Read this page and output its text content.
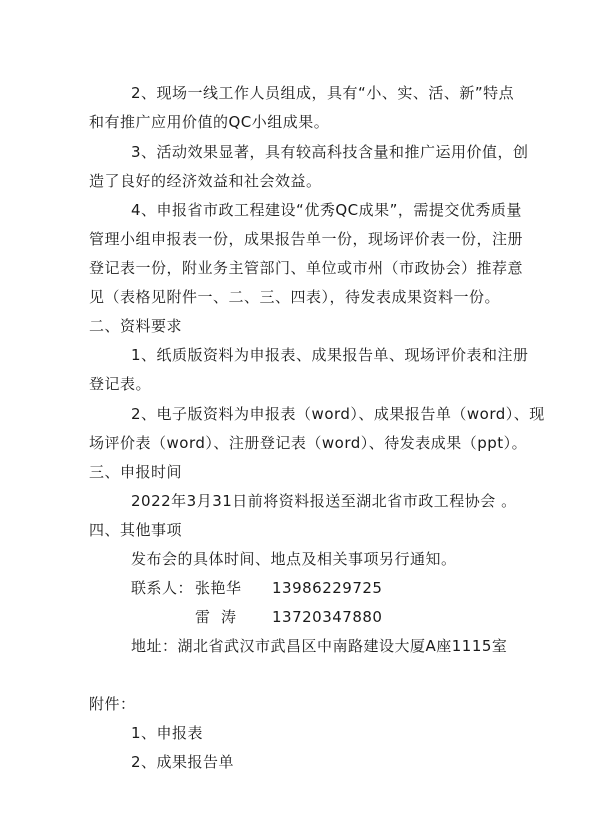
2、现场一线工作人员组成，具有“小、实、活、新”特点
和有推广应用价值的QC小组成果。
3、活动效果显著，具有较高科技含量和推广运用价值，创
造了良好的经济效益和社会效益。
4、申报省市政工程建设“优秀QC成果”，需提交优秀质量
管理小组申报表一份，成果报告单一份，现场评价表一份，注册
登记表一份，附业务主管部门、单位或市州（市政协会）推荐意
见（表格见附件一、二、三、四表），待发表成果资料一份。
二、资料要求
1、纸质版资料为申报表、成果报告单、现场评价表和注册
登记表。
2、电子版资料为申报表（word）、成果报告单（word）、现
场评价表（word）、注册登记表（word）、待发表成果（ppt）。
三、申报时间
2022年3月31日前将资料报送至湖北省市政工程协会 。
四、其他事项
发布会的具体时间、地点及相关事项另行通知。
联系人： 张艳华 13986229725
雷  涛 13720347880
地址：湖北省武汉市武昌区中南路建设大厦A座1115室
附件：
1、申报表
2、成果报告单
